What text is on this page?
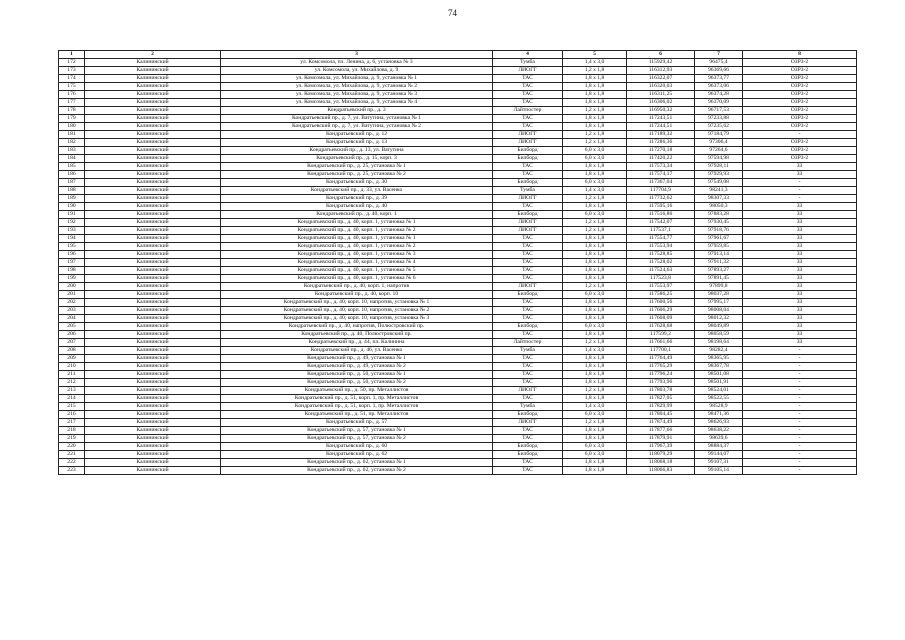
74
1	2	3	4	5	6	7	8
172	Калининский	ул. Комсомола, пл. Ленина, д. 6, установка № 3	Тумба	1,4 х 3,0	115929,42	96475,4	ОЗРЗ-2
173	Калининский	ул. Комсомола, ул. Михайлова, д. 9	ЛИОГГ	1,2 х 1,8	116312,93	96369,66	ОЗРЗ-2
174	Калининский	ул. Комсомола, ул. Михайлова, д. 9, установка № 1	ТАС	1,8 х 1,8	116322,07	96373,77	ОЗРЗ-2
175	Калининский	ул. Комсомола, ул. Михайлова, д. 9, установка № 2	ТАС	1,8 х 1,8	116320,03	96373,06	ОЗРЗ-2
176	Калининский	ул. Комсомола, ул. Михайлова, д. 9, установка № 3	ТАС	1,8 х 1,8	116311,25	96374,28	ОЗРЗ-2
177	Калининский	ул. Комсомола, ул. Михайлова, д. 9, установка № 4	ТАС	1,8 х 1,8	116306,02	96370,09	ОЗРЗ-2
178	Калининский	Кондратьевский пр., д. 3	Лайтпостер	1,2 х 1,8	116950,32	96717,53	ОЗРЗ-2
179	Калининский	Кондратьевский пр., д. 7, ул. Ватутина, установка № 1	ТАС	1,8 х 1,8	117243,51	97233,88	ОЗРЗ-2
180	Калининский	Кондратьевский пр., д. 7, ул. Ватутина, установка № 2	ТАС	1,8 х 1,8	117244,51	97235,62	ОЗРЗ-2
181	Калининский	Кондратьевский пр., д. 12	ЛИОГГ	1,2 х 1,8	117189,32	97184,79	-
182	Калининский	Кондратьевский пр., д. 13	ЛИОГГ	1,2 х 1,8	117286,36	97306,4	ОЗРЗ-2
183	Калининский	Кондратьевский пр., д. 13, ул. Ватутина	Билборд	6,0 х 3,0	117270,18	97264,6	ОЗРЗ-2
184	Калининский	Кондратьевский пр., д. 15, корп. 3	Билборд	6,0 х 3,0	117420,22	97594,98	ОЗРЗ-2
185	Калининский	Кондратьевский пр., д. 25, установка № 1	ТАС	1,8 х 1,8	117573,34	97928,11	ЗЗ
186	Калининский	Кондратьевский пр., д. 25, установка № 2	ТАС	1,8 х 1,8	117574,17	97929,93	ЗЗ
187	Калининский	Кондратьевский пр., д. 30	Билборд	6,0 х 3,0	117367,04	97549,08	-
188	Калининский	Кондратьевский пр., д. 33, ул. Васенко	Тумба	1,4 х 3,0	117704,9	98241,3	-
189	Калининский	Кондратьевский пр., д. 39	ЛИОГГ	1,2 х 1,8	117732,62	98307,33	-
190	Калининский	Кондратьевский пр., д. 40	ТАС	1,8 х 1,8	117595,16	98050,3	ЗЗ
191	Калининский	Кондратьевский пр., д. 40, корп. 1	Билборд	6,0 х 3,0	117516,86	97883,28	ЗЗ
192	Калининский	Кондратьевский пр., д. 40, корп. 1, установка № 1	ЛИОГГ	1,2 х 1,8	117542,07	97930,45	ЗЗ
193	Калининский	Кондратьевский пр., д. 40, корп. 1, установка № 2	ЛИОГГ	1,2 х 1,8	117537,1	97918,76	ЗЗ
194	Калининский	Кондратьевский пр., д. 40, корп. 1, установка № 1	ТАС	1,8 х 1,8	117554,77	97961,67	ЗЗ
195	Калининский	Кондратьевский пр., д. 40, корп. 1, установка № 2	ТАС	1,8 х 1,8	117553,94	97959,85	ЗЗ
196	Калининский	Кондратьевский пр., д. 40, корп. 1, установка № 3	ТАС	1,8 х 1,8	117528,85	97913,14	ЗЗ
197	Калининский	Кондратьевский пр., д. 40, корп. 1, установка № 4	ТАС	1,8 х 1,8	117528,02	97911,32	ЗЗ
198	Калининский	Кондратьевский пр., д. 40, корп. 1, установка № 5	ТАС	1,8 х 1,8	117524,63	97893,27	ЗЗ
199	Калининский	Кондратьевский пр., д. 40, корп. 1, установка № 6	ТАС	1,8 х 1,8	117523,8	97891,45	ЗЗ
200	Калининский	Кондратьевский пр., д. 40, корп. 1, напротив	ЛИОГГ	1,2 х 1,8	117553,97	97899,8	ЗЗ
201	Калининский	Кондратьевский пр., д. 40, корп. 10	Билборд	6,0 х 3,0	117586,25	98037,28	ЗЗ
202	Калининский	Кондратьевский пр., д. 40, корп. 10, напротив, установка № 1	ТАС	1,8 х 1,8	117600,56	97995,17	ЗЗ
203	Калининский	Кондратьевский пр., д. 40, корп. 10, напротив, установка № 2	ТАС	1,8 х 1,8	117606,29	98008,04	ЗЗ
204	Калининский	Кондратьевский пр., д. 40, корп. 10, напротив, установка № 3	ТАС	1,8 х 1,8	117608,09	98012,32	ЗЗ
205	Калининский	Кондратьевский пр., д. 40, напротив, Полюстровский пр.	Билборд	6,0 х 3,0	117628,68	98049,89	ЗЗ
206	Калининский	Кондратьевский пр., д. 40, Полюстровский пр.	ТАС	1,8 х 1,8	117599,2	98058,59	ЗЗ
207	Калининский	Кондратьевский пр., д. 44, пл. Калинина	Лайтпостер	1,2 х 1,8	117661,66	98198,64	ЗЗ
208	Калининский	Кондратьевский пр., д. 46, ул. Васенко	Тумба	1,4 х 3,0	117700,1	98282,4	-
209	Калининский	Кондратьевский пр., д. 49, установка № 1	ТАС	1,8 х 1,8	117764,49	98365,95	-
210	Калининский	Кондратьевский пр., д. 49, установка № 2	ТАС	1,8 х 1,8	117765,29	98367,78	-
211	Калининский	Кондратьевский пр., д. 50, установка № 1	ТАС	1,8 х 1,8	117796,24	98501,08	-
212	Калининский	Кондратьевский пр., д. 50, установка № 2	ТАС	1,8 х 1,8	117793,96	98501,91	-
213	Калининский	Кондратьевский пр., д. 50, пр. Металлистов	ЛИОГГ	1,2 х 1,8	117803,78	98524,01	-
214	Калининский	Кондратьевский пр., д. 51, корп. 1, пр. Металлистов	ТАС	1,8 х 1,8	117827,05	98522,55	-
215	Калининский	Кондратьевский пр., д. 51, корп. 1, пр. Металлистов	Тумба	1,4 х 3,0	117829,99	98528,9	-
216	Калининский	Кондратьевский пр., д. 51, пр. Металлистов	Билборд	6,0 х 3,0	117804,45	98471,36	-
217	Калининский	Кондратьевский пр., д. 57	ЛИОГГ	1,2 х 1,8	117874,49	98626,93	-
218	Калининский	Кондратьевский пр., д. 57, установка № 1	ТАС	1,8 х 1,8	117877,66	98638,22	-
219	Калининский	Кондратьевский пр., д. 57, установка № 2	ТАС	1,8 х 1,8	117879,91	98639,6	-
220	Калининский	Кондратьевский пр., д. 60	Билборд	6,0 х 3,0	117967,39	98884,37	-
221	Калининский	Кондратьевский пр., д. 62	Билборд	6,0 х 3,0	118079,29	99144,07	-
222	Калининский	Кондратьевский пр., д. 62, установка № 1	ТАС	1,8 х 1,8	118068,18	99107,31	-
223	Калининский	Кондратьевский пр., д. 62, установка № 2	ТАС	1,8 х 1,8	118066,83	99105,14	-
